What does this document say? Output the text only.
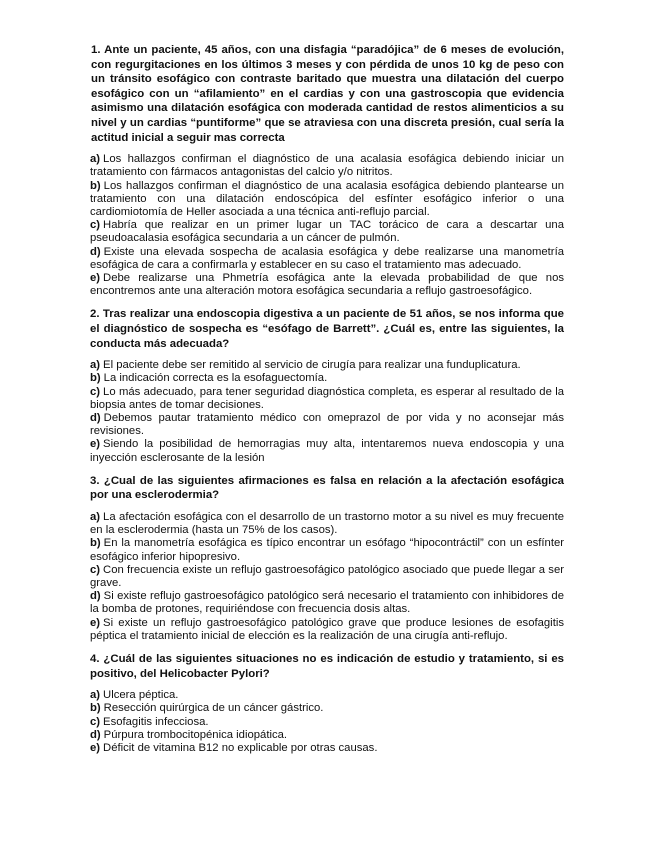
1. Ante un paciente, 45 años, con una disfagia “paradójica” de 6 meses de evolución, con regurgitaciones en los últimos 3 meses y con pérdida de unos 10 kg de peso con un tránsito esofágico con contraste baritado que muestra una dilatación del cuerpo esofágico con un “afilamiento” en el cardias y con una gastroscopia que evidencia asimismo una dilatación esofágica con moderada cantidad de restos alimenticios a su nivel y un cardias “puntiforme” que se atraviesa con una discreta presión, cual sería la actitud inicial a seguir mas correcta

a) Los hallazgos confirman el diagnóstico de una acalasia esofágica debiendo iniciar un tratamiento con fármacos antagonistas del calcio y/o nitritos.

b) Los hallazgos confirman el diagnóstico de una acalasia esofágica debiendo plantearse un tratamiento con una dilatación endoscópica del esfínter esofágico inferior o una cardiomiotomía de Heller asociada a una técnica anti-reflujo parcial.

c) Habría que realizar en un primer lugar un TAC torácico de cara a descartar una pseudoacalasia esofágica secundaria a un cáncer de pulmón.

d) Existe una elevada sospecha de acalasia esofágica y debe realizarse una manometría esofágica de cara a confirmarla y establecer en su caso el tratamiento mas adecuado.

e) Debe realizarse una Phmetría esofágica ante la elevada probabilidad de que nos encontremos ante una alteración motora esofágica secundaria a reflujo gastroesofágico.

2. Tras realizar una endoscopia digestiva a un paciente de 51 años, se nos informa que el diagnóstico de sospecha es “esófago de Barrett”. ¿Cuál es, entre las siguientes, la conducta más adecuada?

a) El paciente debe ser remitido al servicio de cirugía para realizar una funduplicatura.

b) La indicación correcta es la esofaguectomía.

c) Lo más adecuado, para tener seguridad diagnóstica completa, es esperar al resultado de la biopsia antes de tomar decisiones.

d) Debemos pautar tratamiento médico con omeprazol de por vida y no aconsejar más revisiones.

e) Siendo la posibilidad de hemorragias muy alta, intentaremos nueva endoscopia y una inyección esclerosante de la lesión

3. ¿Cual de las siguientes afirmaciones es falsa en relación a la afectación esofágica por una esclerodermia?

a) La afectación esofágica con el desarrollo de un trastorno motor a su nivel es muy frecuente en la esclerodermia (hasta un 75% de los casos).

b) En la manometría esofágica es típico encontrar un esófago “hipocontráctil” con un esfínter esofágico inferior hipopresivo.

c) Con frecuencia existe un reflujo gastroesofágico patológico asociado que puede llegar a ser grave.

d) Si existe reflujo gastroesofágico patológico será necesario el tratamiento con inhibidores de la bomba de protones, requiriéndose con frecuencia dosis altas.

e) Si existe un reflujo gastroesofágico patológico grave que produce lesiones de esofagitis péptica el tratamiento inicial de elección es la realización de una cirugía anti-reflujo.

4. ¿Cuál de las siguientes situaciones no es indicación de estudio y tratamiento, si es positivo, del Helicobacter Pylori?

a) Ulcera péptica.

b) Resección quirúrgica de un cáncer gástrico.

c) Esofagitis infecciosa.

d) Púrpura trombocitopénica idiopática.

e) Déficit de vitamina B12 no explicable por otras causas.
